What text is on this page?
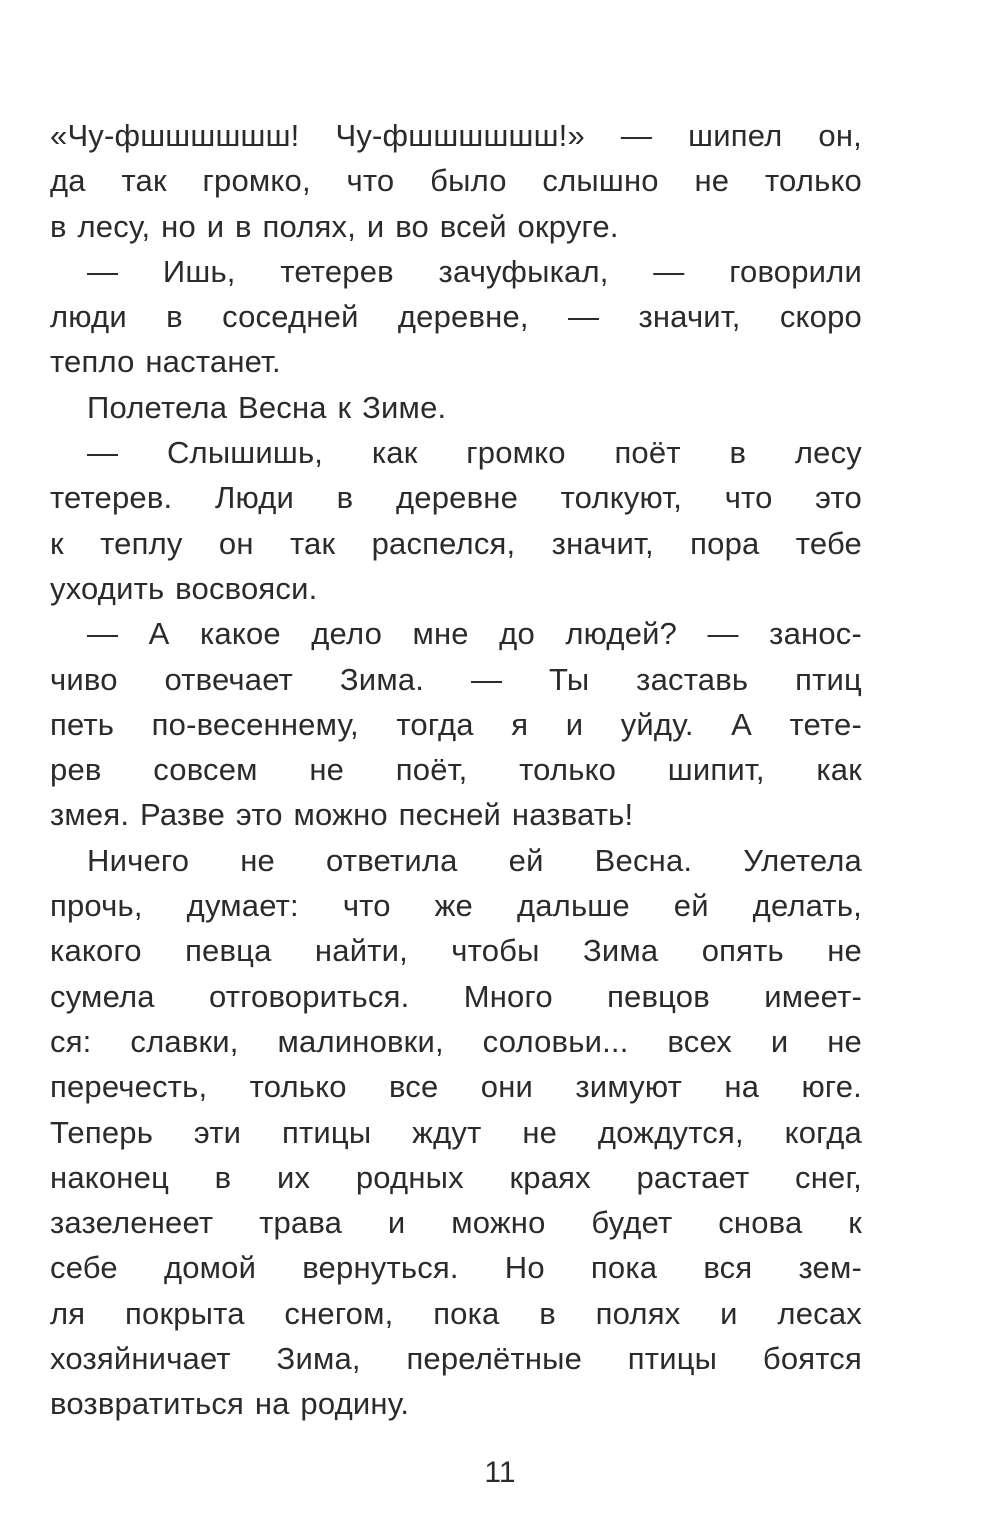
«Чу-фшшшшшш! Чу-фшшшшшш!» — шипел он,
да так громко, что было слышно не только
в лесу, но и в полях, и во всей округе.
— Ишь, тетерев зачуфыкал, — говорили
люди в соседней деревне, — значит, скоро
тепло настанет.
Полетела Весна к Зиме.
— Слышишь, как громко поёт в лесу
тетерев. Люди в деревне толкуют, что это
к теплу он так распелся, значит, пора тебе
уходить восвояси.
— А какое дело мне до людей? — занос-
чиво отвечает Зима. — Ты заставь птиц
петь по-весеннему, тогда я и уйду. А тете-
рев совсем не поёт, только шипит, как
змея. Разве это можно песней назвать!
Ничего не ответила ей Весна. Улетела
прочь, думает: что же дальше ей делать,
какого певца найти, чтобы Зима опять не
сумела отговориться. Много певцов имеет-
ся: славки, малиновки, соловьи... всех и не
перечесть, только все они зимуют на юге.
Теперь эти птицы ждут не дождутся, когда
наконец в их родных краях растает снег,
зазеленеет трава и можно будет снова к
себе домой вернуться. Но пока вся зем-
ля покрыта снегом, пока в полях и лесах
хозяйничает Зима, перелётные птицы боятся
возвратиться на родину.
11
